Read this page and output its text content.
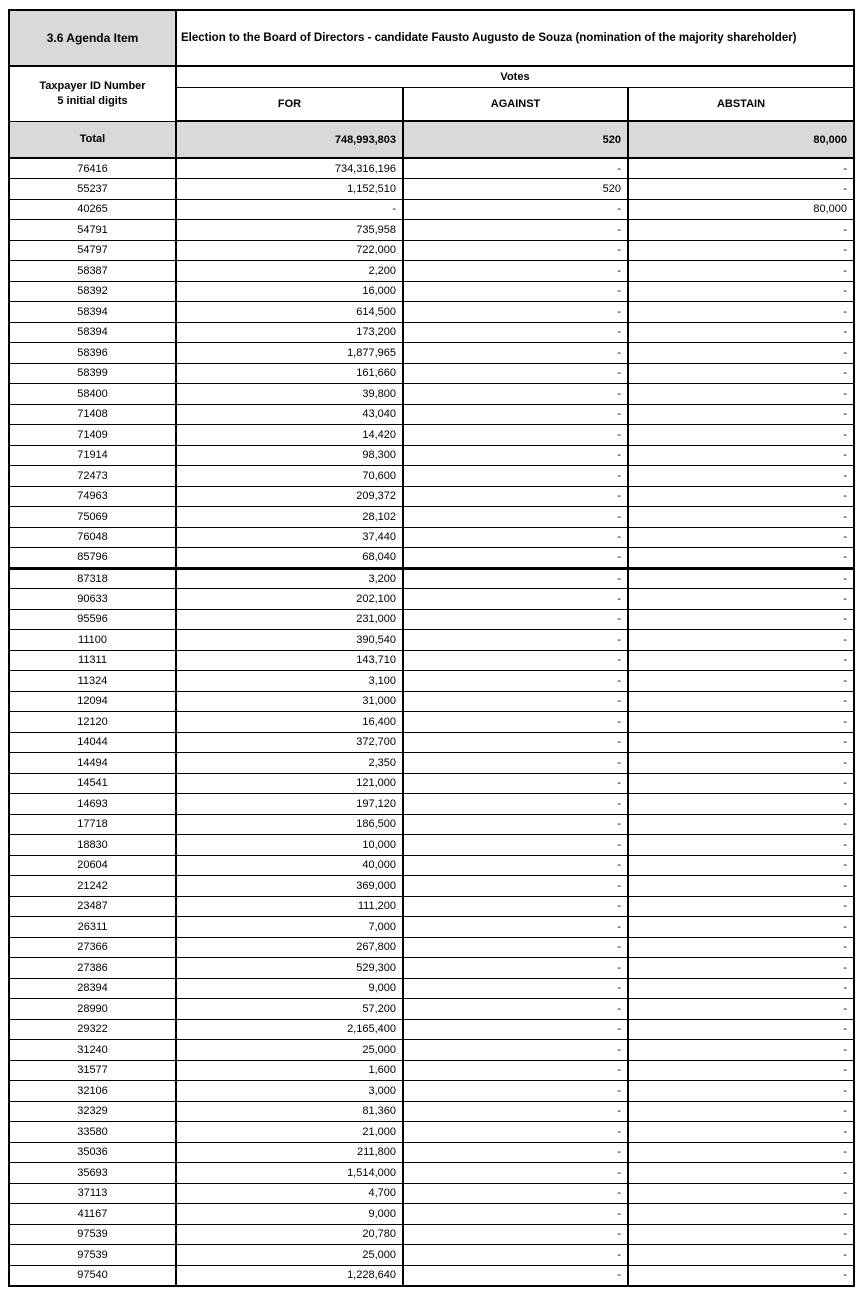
3.6 Agenda Item	Election to the Board of Directors - candidate Fausto Augusto de Souza (nomination of the majority shareholder)		

Taxpayer ID Number
5 initial digits	Votes		
	FOR	AGAINST	ABSTAIN
Total	748,993,803	520	80,000
76416	734,316,196	-	-
55237	1,152,510	520	-
40265	-	-	80,000
54791	735,958	-	-
54797	722,000	-	-
58387	2,200	-	-
58392	16,000	-	-
58394	614,500	-	-
58394	173,200	-	-
58396	1,877,965	-	-
58399	161,660	-	-
58400	39,800	-	-
71408	43,040	-	-
71409	14,420	-	-
71914	98,300	-	-
72473	70,600	-	-
74963	209,372	-	-
75069	28,102	-	-
76048	37,440	-	-
85796	68,040	-	-
87318	3,200	-	-
90633	202,100	-	-
95596	231,000	-	-
11100	390,540	-	-
11311	143,710	-	-
11324	3,100	-	-
12094	31,000	-	-
12120	16,400	-	-
14044	372,700	-	-
14494	2,350	-	-
14541	121,000	-	-
14693	197,120	-	-
17718	186,500	-	-
18830	10,000	-	-
20604	40,000	-	-
21242	369,000	-	-
23487	111,200	-	-
26311	7,000	-	-
27366	267,800	-	-
27386	529,300	-	-
28394	9,000	-	-
28990	57,200	-	-
29322	2,165,400	-	-
31240	25,000	-	-
31577	1,600	-	-
32106	3,000	-	-
32329	81,360	-	-
33580	21,000	-	-
35036	211,800	-	-
35693	1,514,000	-	-
37113	4,700	-	-
41167	9,000	-	-
97539	20,780	-	-
97539	25,000	-	-
97540	1,228,640	-	-
